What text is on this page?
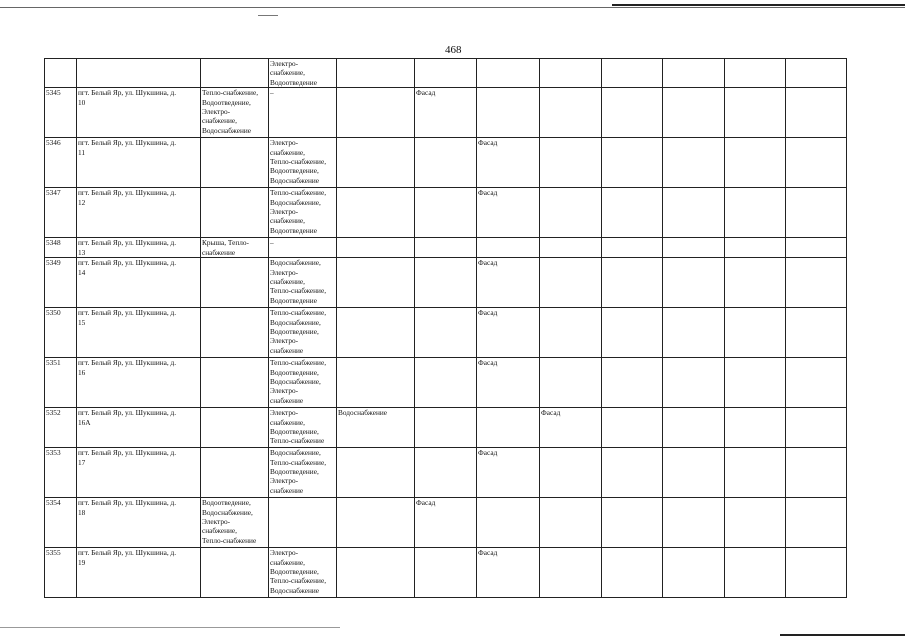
468

			Электро-
снабжение,
Водоотведение								

5345	пгт. Белый Яр, ул. Шукшина, д.
10	Тепло-снабжение,
Водоотведение,
Электро-
снабжение,
Водоснабжение	–		Фасад						

5346	пгт. Белый Яр, ул. Шукшина, д.
11		Электро-
снабжение,
Тепло-снабжение,
Водоотведение,
Водоснабжение			Фасад					

5347	пгт. Белый Яр, ул. Шукшина, д.
12		Тепло-снабжение,
Водоснабжение,
Электро-
снабжение,
Водоотведение			Фасад					

5348	пгт. Белый Яр, ул. Шукшина, д.
13	Крыша, Тепло-
снабжение	–								

5349	пгт. Белый Яр, ул. Шукшина, д.
14		Водоснабжение,
Электро-
снабжение,
Тепло-снабжение,
Водоотведение			Фасад					

5350	пгт. Белый Яр, ул. Шукшина, д.
15		Тепло-снабжение,
Водоснабжение,
Водоотведение,
Электро-
снабжение			Фасад					

5351	пгт. Белый Яр, ул. Шукшина, д.
16		Тепло-снабжение,
Водоотведение,
Водоснабжение,
Электро-
снабжение			Фасад					

5352	пгт. Белый Яр, ул. Шукшина, д.
16А		Электро-
снабжение,
Водоотведение,
Тепло-снабжение	Водоснабжение			Фасад				

5353	пгт. Белый Яр, ул. Шукшина, д.
17		Водоснабжение,
Тепло-снабжение,
Водоотведение,
Электро-
снабжение			Фасад					

5354	пгт. Белый Яр, ул. Шукшина, д.
18	Водоотведение,
Водоснабжение,
Электро-
снабжение,
Тепло-снабжение			Фасад						

5355	пгт. Белый Яр, ул. Шукшина, д.
19		Электро-
снабжение,
Водоотведение,
Тепло-снабжение,
Водоснабжение			Фасад					
